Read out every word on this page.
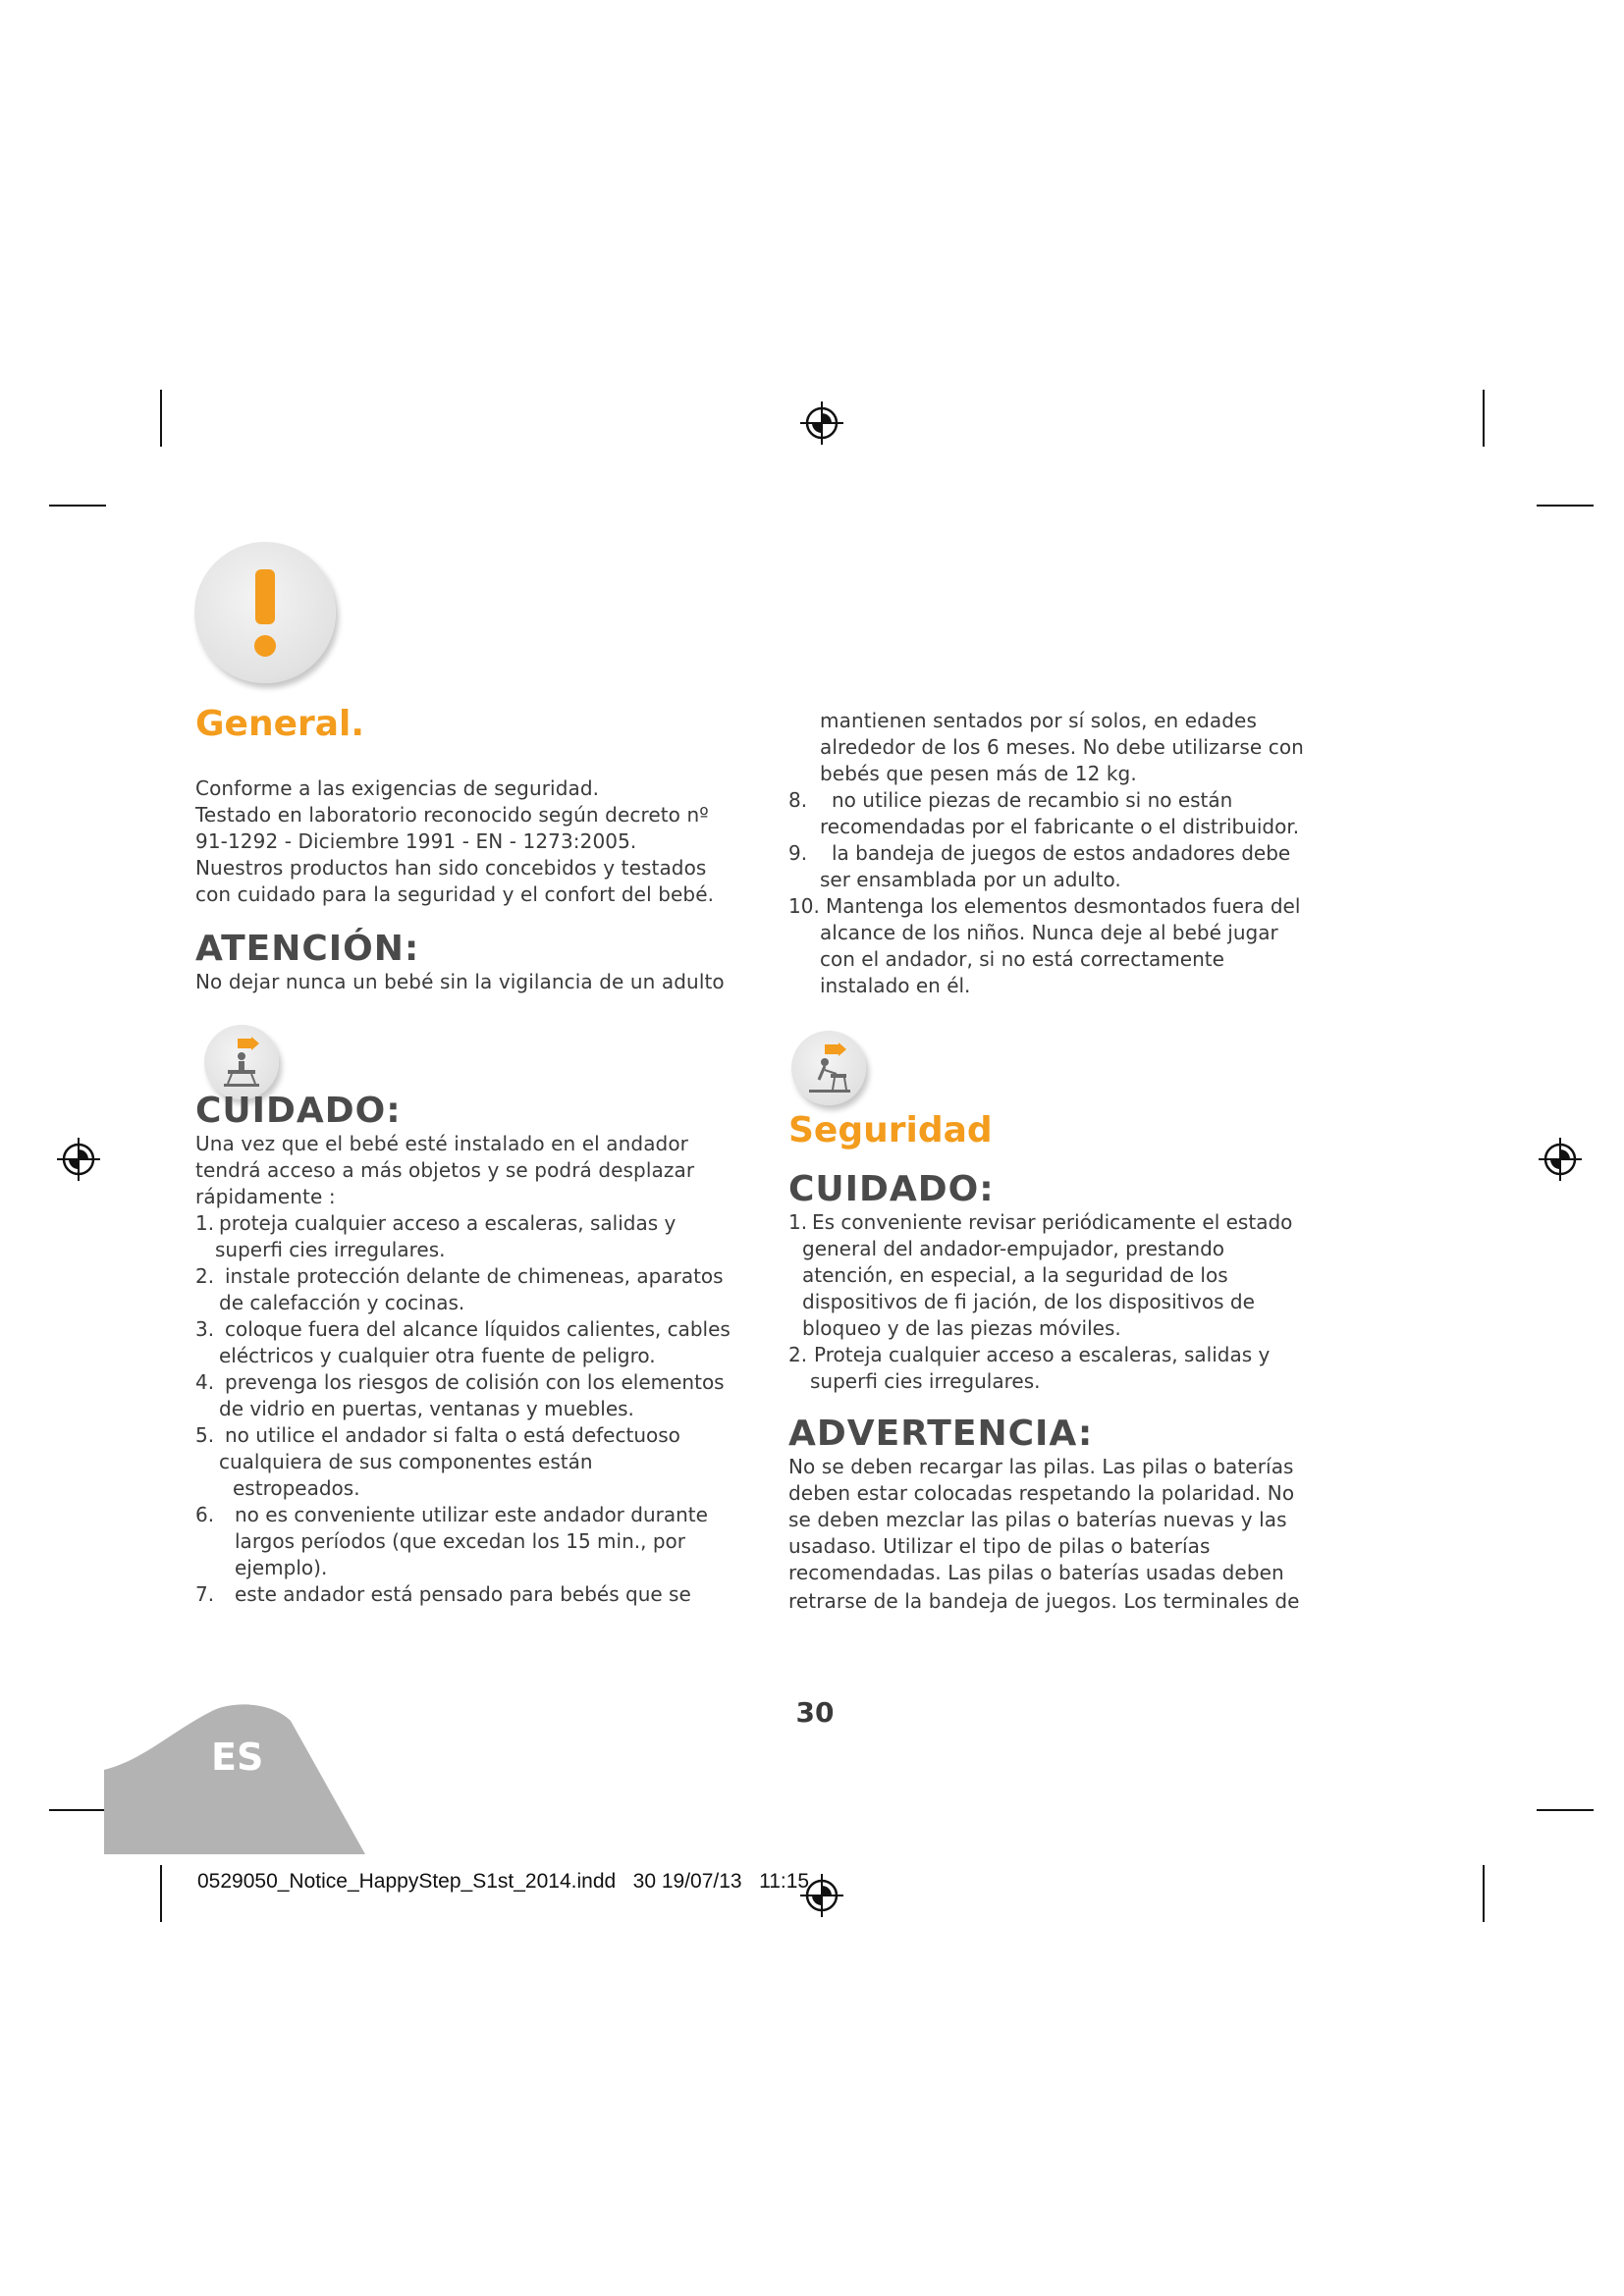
General.

Conforme a las exigencias de seguridad.

Testado en laboratorio reconocido según decreto nº

91-1292 - Diciembre 1991 - EN - 1273:2005.

Nuestros productos han sido concebidos y testados

con cuidado para la seguridad y el confort del bebé.

ATENCIÓN:

No dejar nunca un bebé sin la vigilancia de un adulto

CUIDADO:

Una vez que el bebé esté instalado en el andador

tendrá acceso a más objetos y se podrá desplazar

rápidamente :

1. proteja cualquier acceso a escaleras, salidas y
superfi cies irregulares.
2. instale protección delante de chimeneas, aparatos
de calefacción y cocinas.
3. coloque fuera del alcance líquidos calientes, cables
eléctricos y cualquier otra fuente de peligro.
4. prevenga los riesgos de colisión con los elementos
de vidrio en puertas, ventanas y muebles.
5. no utilice el andador si falta o está defectuoso
cualquiera de sus componentes están
estropeados.
6.	no es conveniente utilizar este andador durante
largos períodos (que excedan los 15 min., por
ejemplo).
7.	este andador está pensado para bebés que se

mantienen sentados por sí solos, en edades

alrededor de los 6 meses. No debe utilizarse con

bebés que pesen más de 12 kg.

8.	no utilice piezas de recambio si no están
recomendadas por el fabricante o el distribuidor.
9.	la bandeja de juegos de estos andadores debe
ser ensamblada por un adulto.
10. Mantenga los elementos desmontados fuera del
alcance de los niños. Nunca deje al bebé jugar
con el andador, si no está correctamente
instalado en él.
Seguridad
CUIDADO:
1. Es conveniente revisar periódicamente el estado
general del andador-empujador, prestando
atención, en especial, a la seguridad de los
dispositivos de fi jación, de los dispositivos de
bloqueo y de las piezas móviles.
2. Proteja cualquier acceso a escaleras, salidas y
superfi cies irregulares.
ADVERTENCIA:

No se deben recargar las pilas. Las pilas o baterías

deben estar colocadas respetando la polaridad. No

se deben mezclar las pilas o baterías nuevas y las

usadaso. Utilizar el tipo de pilas o baterías

recomendadas. Las pilas o baterías usadas deben

retrarse de la bandeja de juegos. Los terminales de

30
ES
0529050_Notice_HappyStep_S1st_2014.indd   30 19/07/13   11:15
